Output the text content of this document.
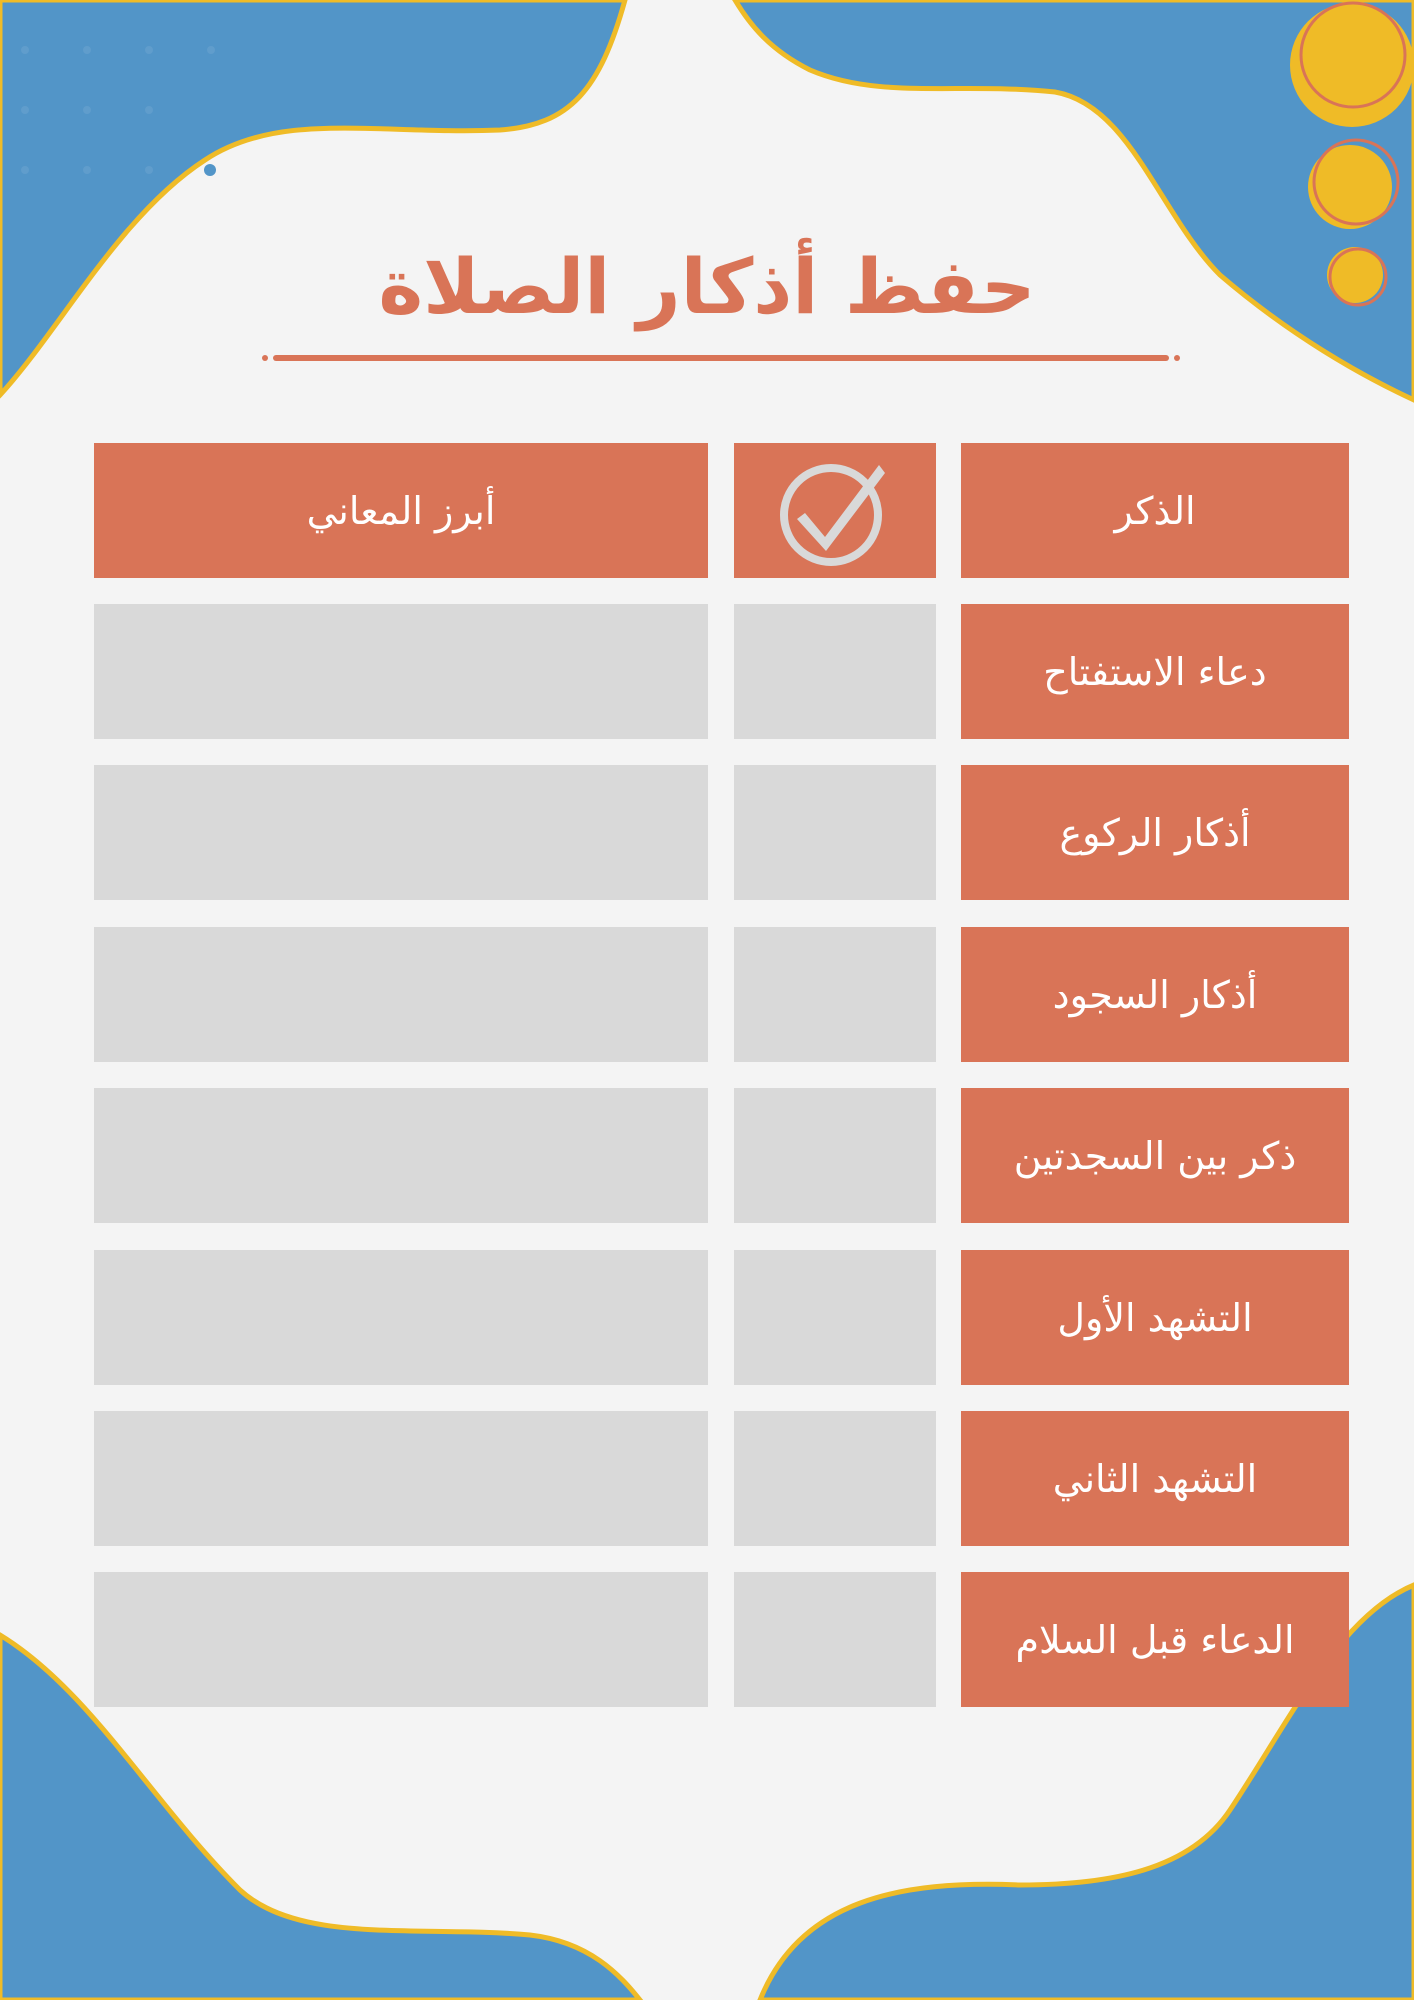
حفظ أذكار الصلاة
الذكر
أبرز المعاني
دعاء الاستفتاح
أذكار الركوع
أذكار السجود
ذكر بين السجدتين
التشهد الأول
التشهد الثاني
الدعاء قبل السلام
